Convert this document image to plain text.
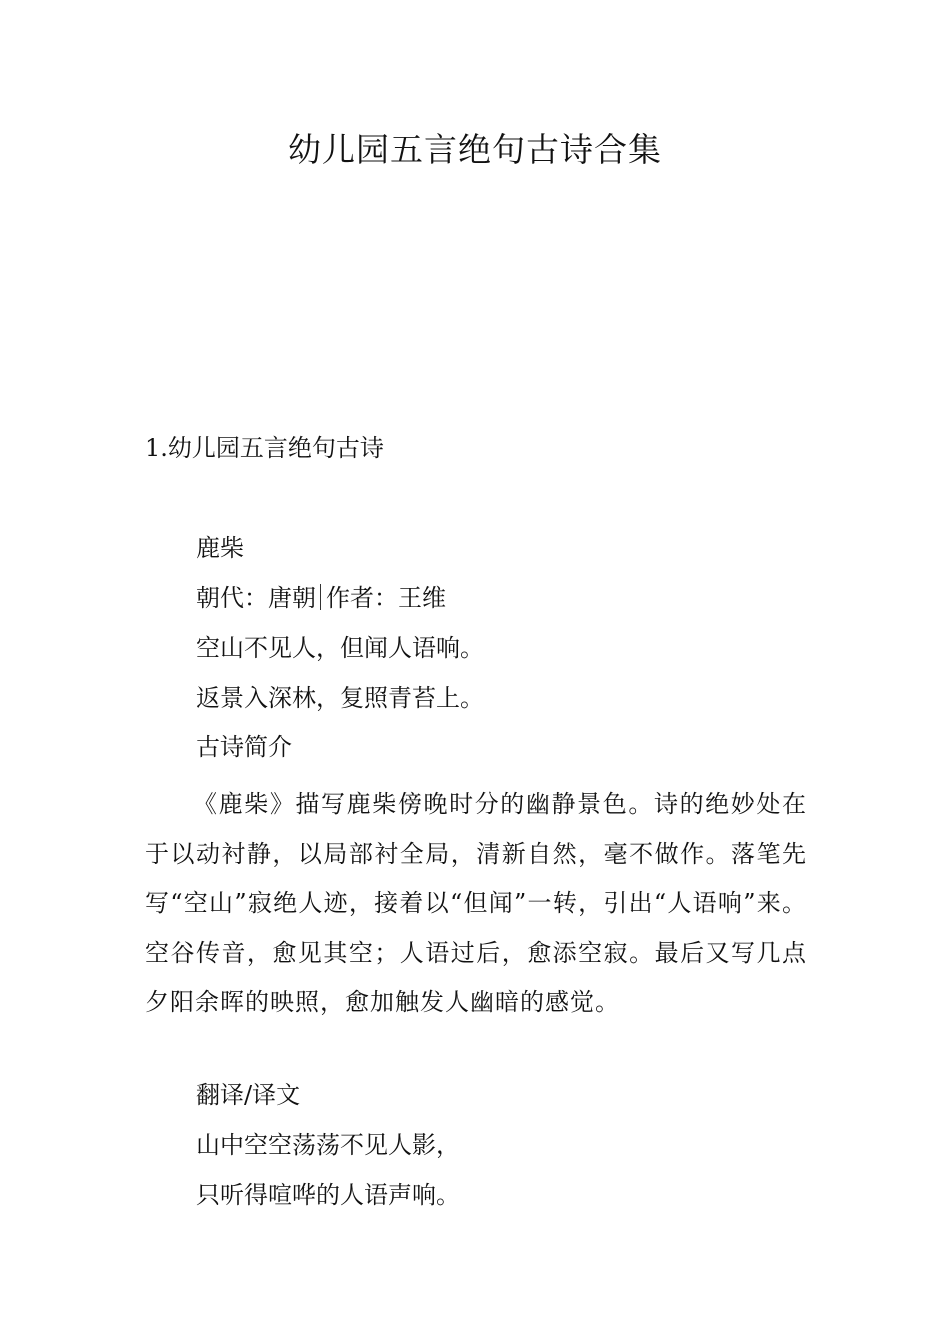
幼儿园五言绝句古诗合集
1.幼儿园五言绝句古诗
鹿柴
朝代：唐朝 作者：王维
空山不见人，但闻人语响。
返景入深林，复照青苔上。
古诗简介

《鹿柴》描写鹿柴傍晚时分的幽静景色。诗的绝妙处在于以动衬静，以局部衬全局，清新自然，毫不做作。落笔先写“空山”寂绝人迹，接着以“但闻”一转，引出“人语响”来。空谷传音，愈见其空；人语过后，愈添空寂。最后又写几点夕阳余晖的映照，愈加触发人幽暗的感觉。

翻译/译文
山中空空荡荡不见人影，
只听得喧哗的人语声响。
